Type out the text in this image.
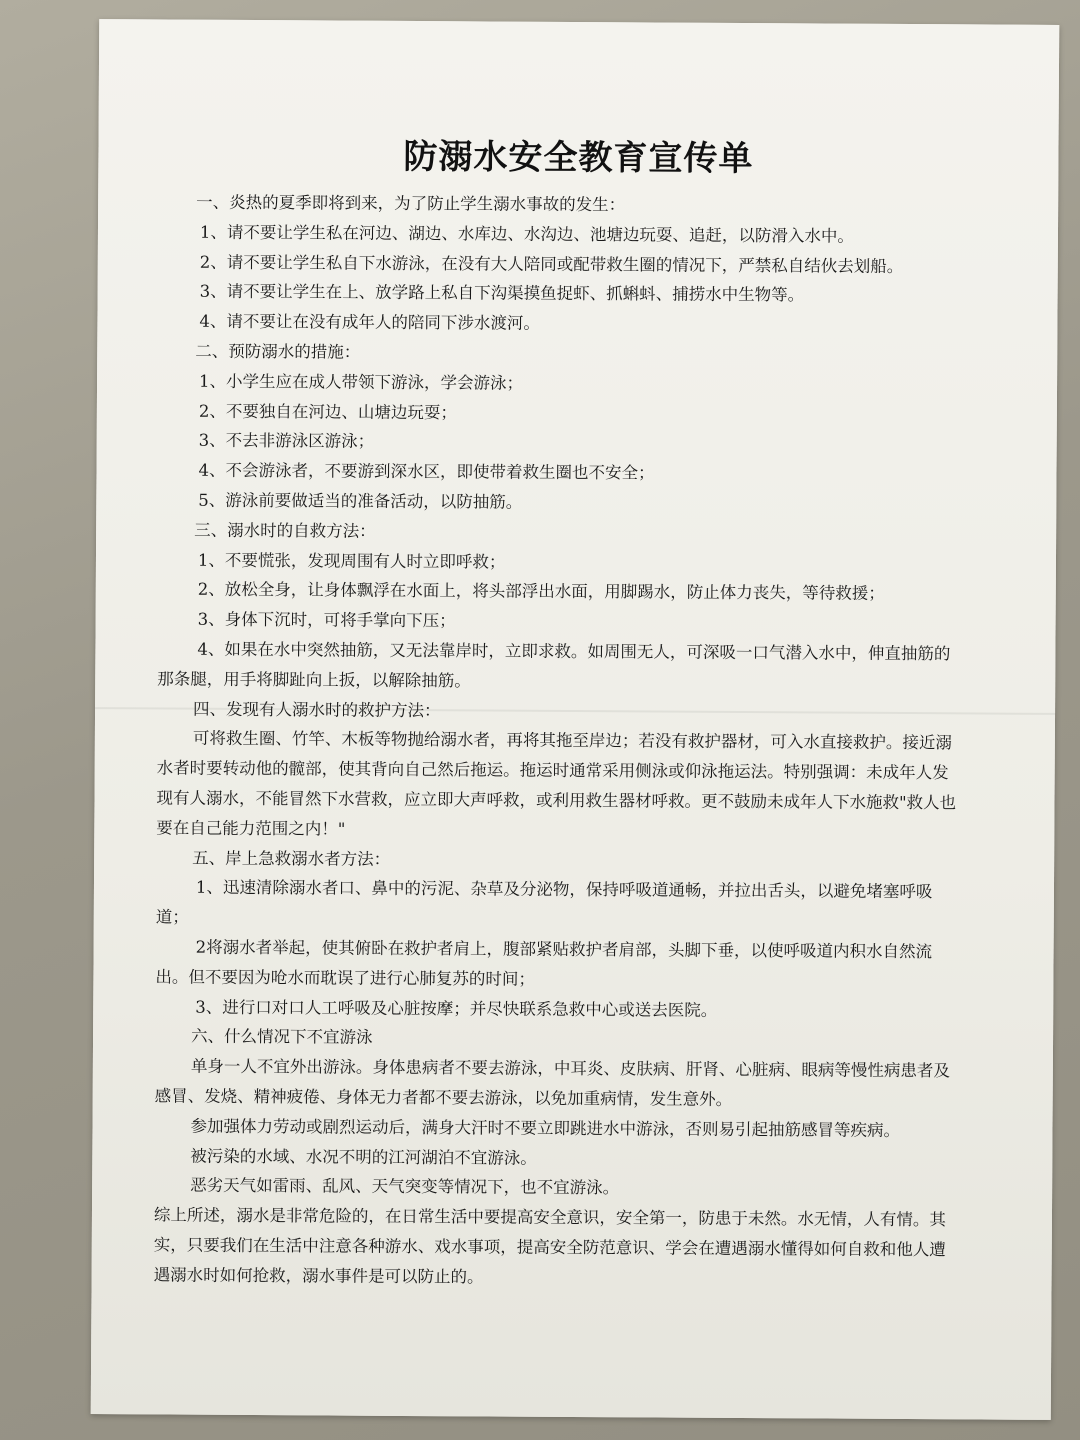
防溺水安全教育宣传单
一、炎热的夏季即将到来，为了防止学生溺水事故的发生：
1、请不要让学生私在河边、湖边、水库边、水沟边、池塘边玩耍、追赶，以防滑入水中。
2、请不要让学生私自下水游泳，在没有大人陪同或配带救生圈的情况下，严禁私自结伙去划船。
3、请不要让学生在上、放学路上私自下沟渠摸鱼捉虾、抓蝌蚪、捕捞水中生物等。
4、请不要让在没有成年人的陪同下涉水渡河。
二、预防溺水的措施：
1、小学生应在成人带领下游泳，学会游泳；
2、不要独自在河边、山塘边玩耍；
3、不去非游泳区游泳；
4、不会游泳者，不要游到深水区，即使带着救生圈也不安全；
5、游泳前要做适当的准备活动，以防抽筋。
三、溺水时的自救方法：
1、不要慌张，发现周围有人时立即呼救；
2、放松全身，让身体飘浮在水面上，将头部浮出水面，用脚踢水，防止体力丧失，等待救援；
3、身体下沉时，可将手掌向下压；
4、如果在水中突然抽筋，又无法靠岸时，立即求救。如周围无人，可深吸一口气潜入水中，伸直抽筋的那条腿，用手将脚趾向上扳，以解除抽筋。
四、发现有人溺水时的救护方法：
可将救生圈、竹竿、木板等物抛给溺水者，再将其拖至岸边；若没有救护器材，可入水直接救护。接近溺水者时要转动他的髋部，使其背向自己然后拖运。拖运时通常采用侧泳或仰泳拖运法。特别强调：未成年人发现有人溺水，不能冒然下水营救，应立即大声呼救，或利用救生器材呼救。更不鼓励未成年人下水施救"救人也要在自己能力范围之内！"
五、岸上急救溺水者方法：
1、迅速清除溺水者口、鼻中的污泥、杂草及分泌物，保持呼吸道通畅，并拉出舌头，以避免堵塞呼吸道；
2将溺水者举起，使其俯卧在救护者肩上，腹部紧贴救护者肩部，头脚下垂，以使呼吸道内积水自然流出。但不要因为呛水而耽误了进行心肺复苏的时间；
3、进行口对口人工呼吸及心脏按摩；并尽快联系急救中心或送去医院。
六、什么情况下不宜游泳
单身一人不宜外出游泳。身体患病者不要去游泳，中耳炎、皮肤病、肝肾、心脏病、眼病等慢性病患者及感冒、发烧、精神疲倦、身体无力者都不要去游泳，以免加重病情，发生意外。
参加强体力劳动或剧烈运动后，满身大汗时不要立即跳进水中游泳，否则易引起抽筋感冒等疾病。
被污染的水域、水况不明的江河湖泊不宜游泳。
恶劣天气如雷雨、乱风、天气突变等情况下，也不宜游泳。
综上所述，溺水是非常危险的，在日常生活中要提高安全意识，安全第一，防患于未然。水无情，人有情。其实，只要我们在生活中注意各种游水、戏水事项，提高安全防范意识、学会在遭遇溺水懂得如何自救和他人遭遇溺水时如何抢救，溺水事件是可以防止的。
